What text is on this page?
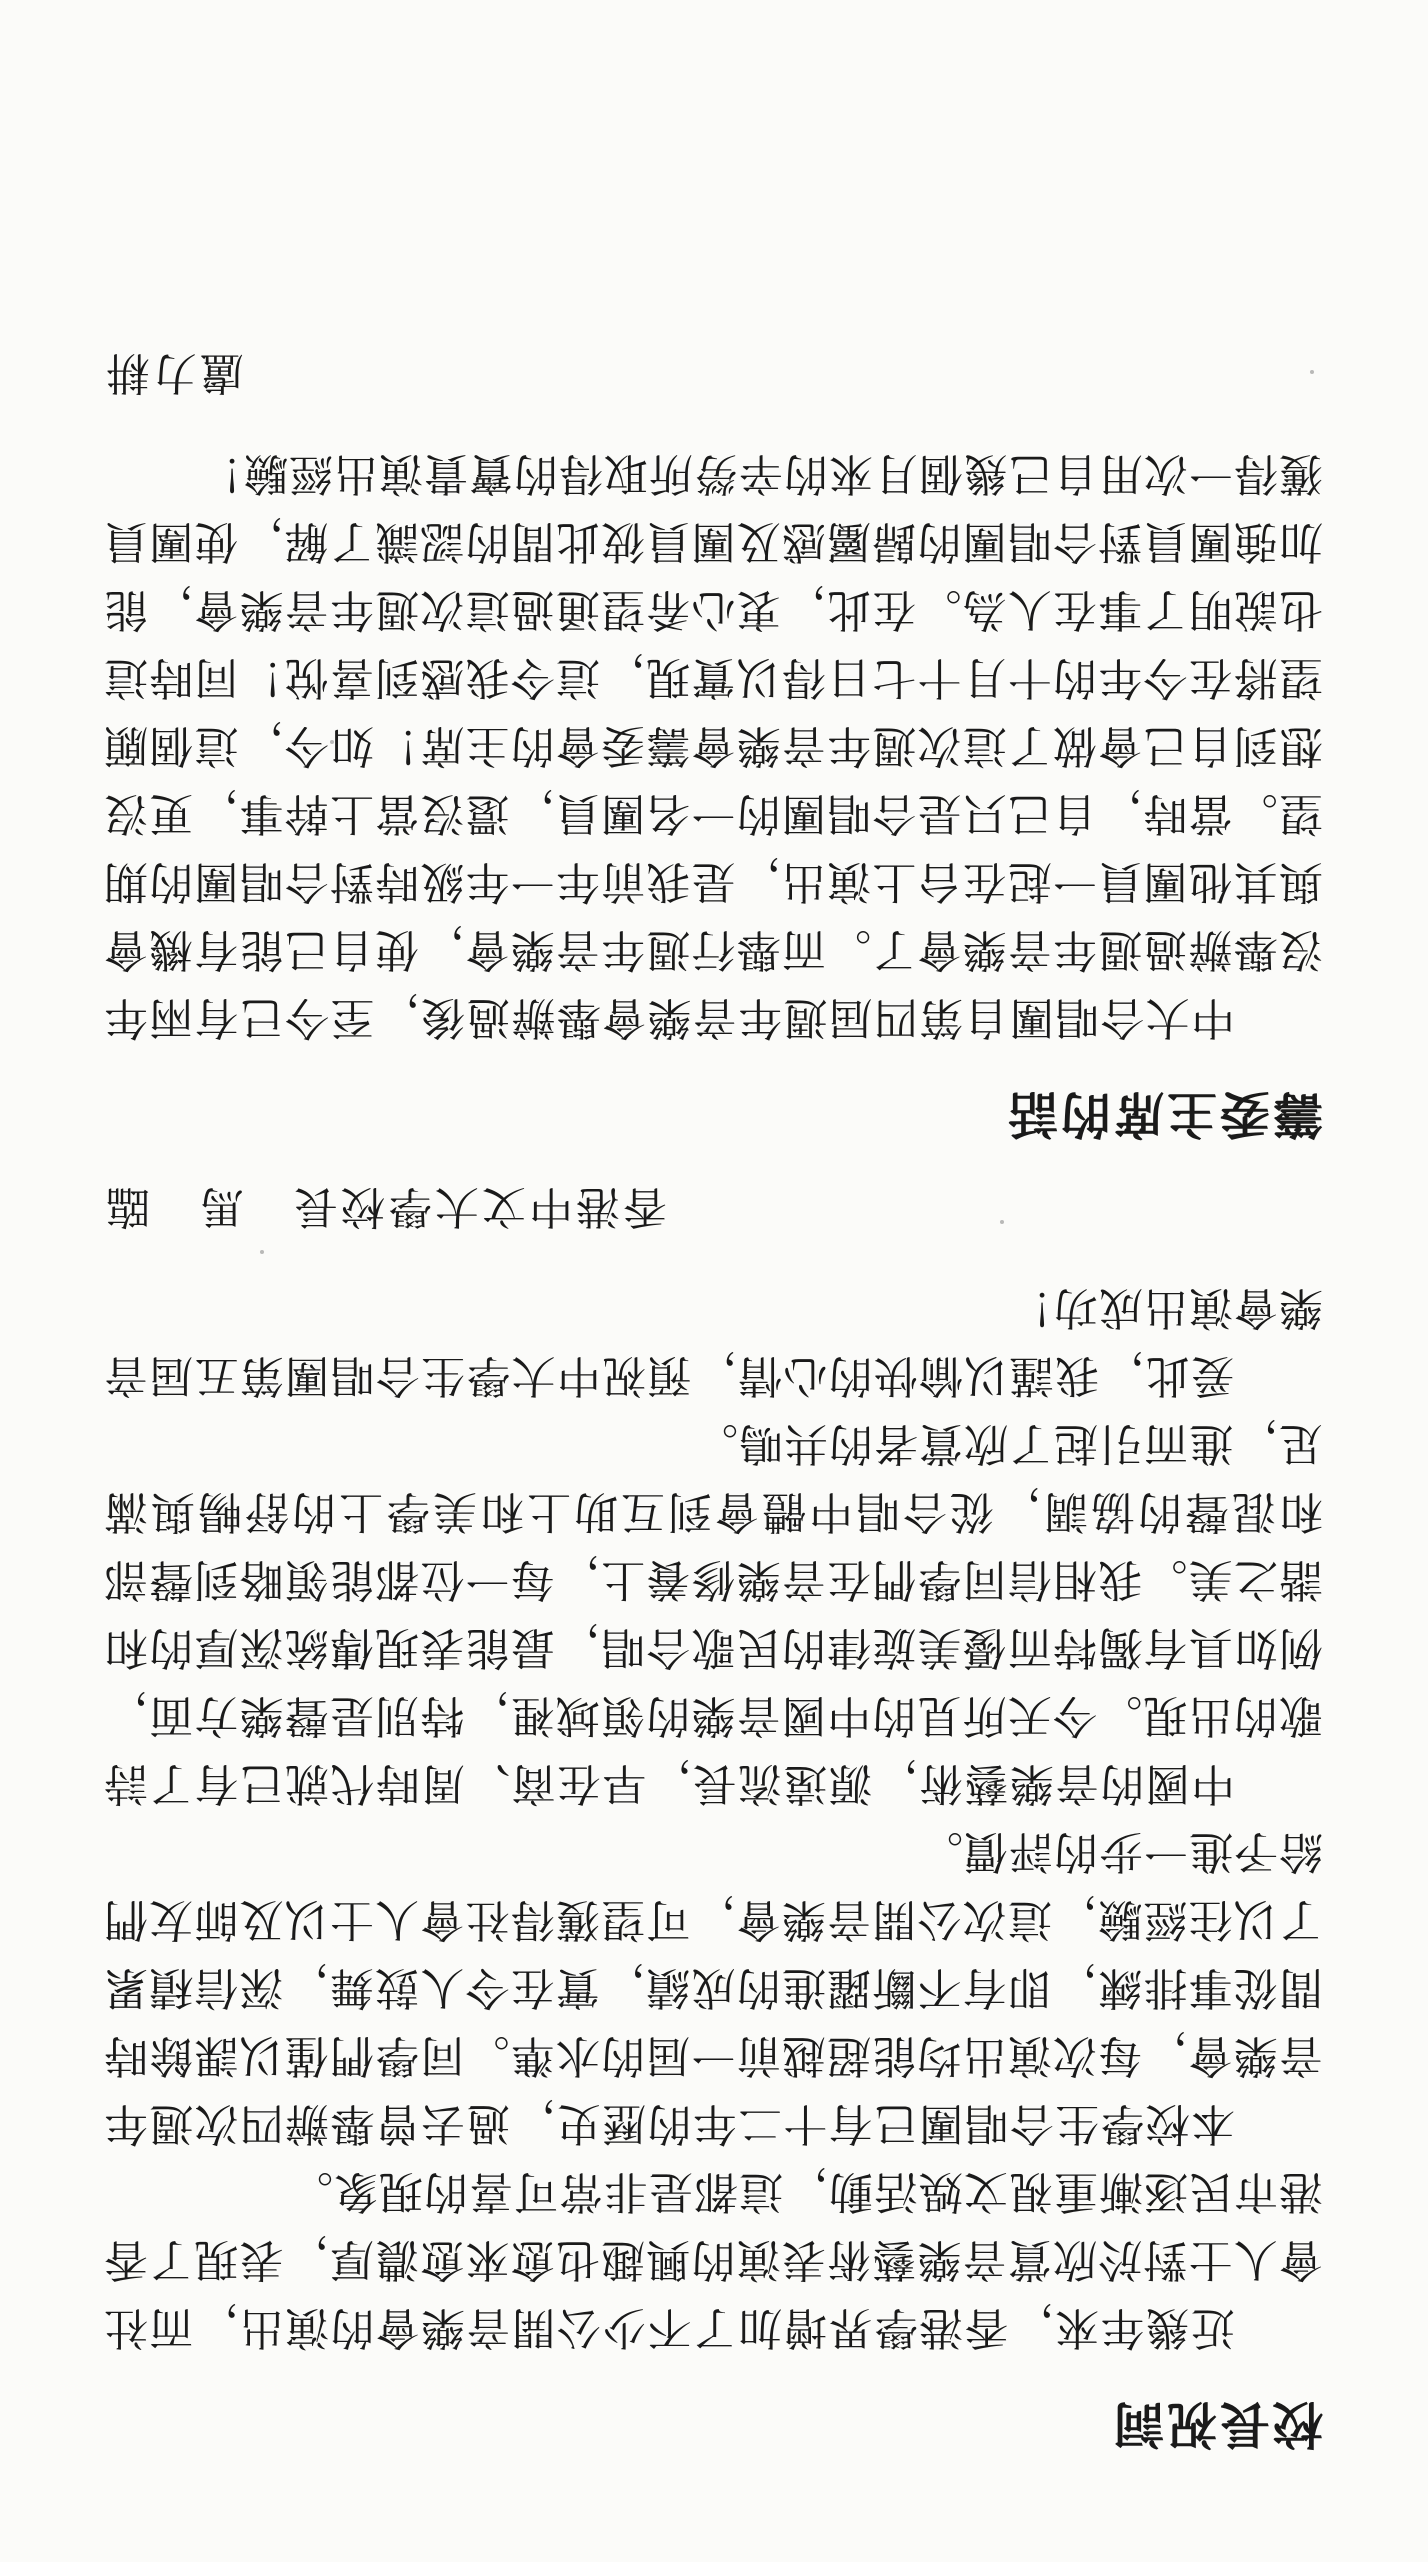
校長祝詞

近幾年來，香港學界增加了不少公開音樂會的演出，而社會人士對於欣賞音樂藝術表演的興趣也愈來愈濃厚，表現了香港市民逐漸重視文娛活動，這都是非常可喜的現象。

本校學生合唱團已有十二年的歷史，過去曾舉辦四次週年音樂會，每次演出均能超越前一屆的水準。同學們僅以課餘時間從事排練，即有不斷躍進的成績，實在令人鼓舞，深信積累了以往經驗，這次公開音樂會，可望獲得社會人士以及師友們給予進一步的評價。

中國的音樂藝術，源遠流長，早在商、周時代就已有了詩歌的出現。今天所見的中國音樂的領域裡，特別是聲樂方面，例如具有獨特而優美旋律的民歌合唱，最能表現傳統深厚的和諧之美。我相信同學們在音樂修養上，每一位都能領略到聲部和混聲的協調，從合唱中體會到互助上和美學上的舒暢與滿足，進而引起了欣賞者的共鳴。

爰此，我謹以愉快的心情，預祝中大學生合唱團第五屆音樂會演出成功！

香港中文大學校長　馬　臨
籌委主席的話

中大合唱團自第四屆週年音樂會舉辦過後，至今已有兩年沒舉辦過週年音樂會了。而舉行週年音樂會，使自己能有機會與其他團員一起在台上演出，是我前年一年級時對合唱團的期望。當時，自己只是合唱團的一名團員，還沒當上幹事，更沒想到自己會做了這次週年音樂會籌委會的主席！如今，這個願望將在今年的十月十七日得以實現，這令我感到喜悅！同時這也說明了事在人為。在此，衷心希望通過這次週年音樂會，能加強團員對合唱團的歸屬感及團員彼此間的認識了解，使團員獲得一次用自己幾個月來的辛勞所取得的寶貴演出經驗！

盧力耕
